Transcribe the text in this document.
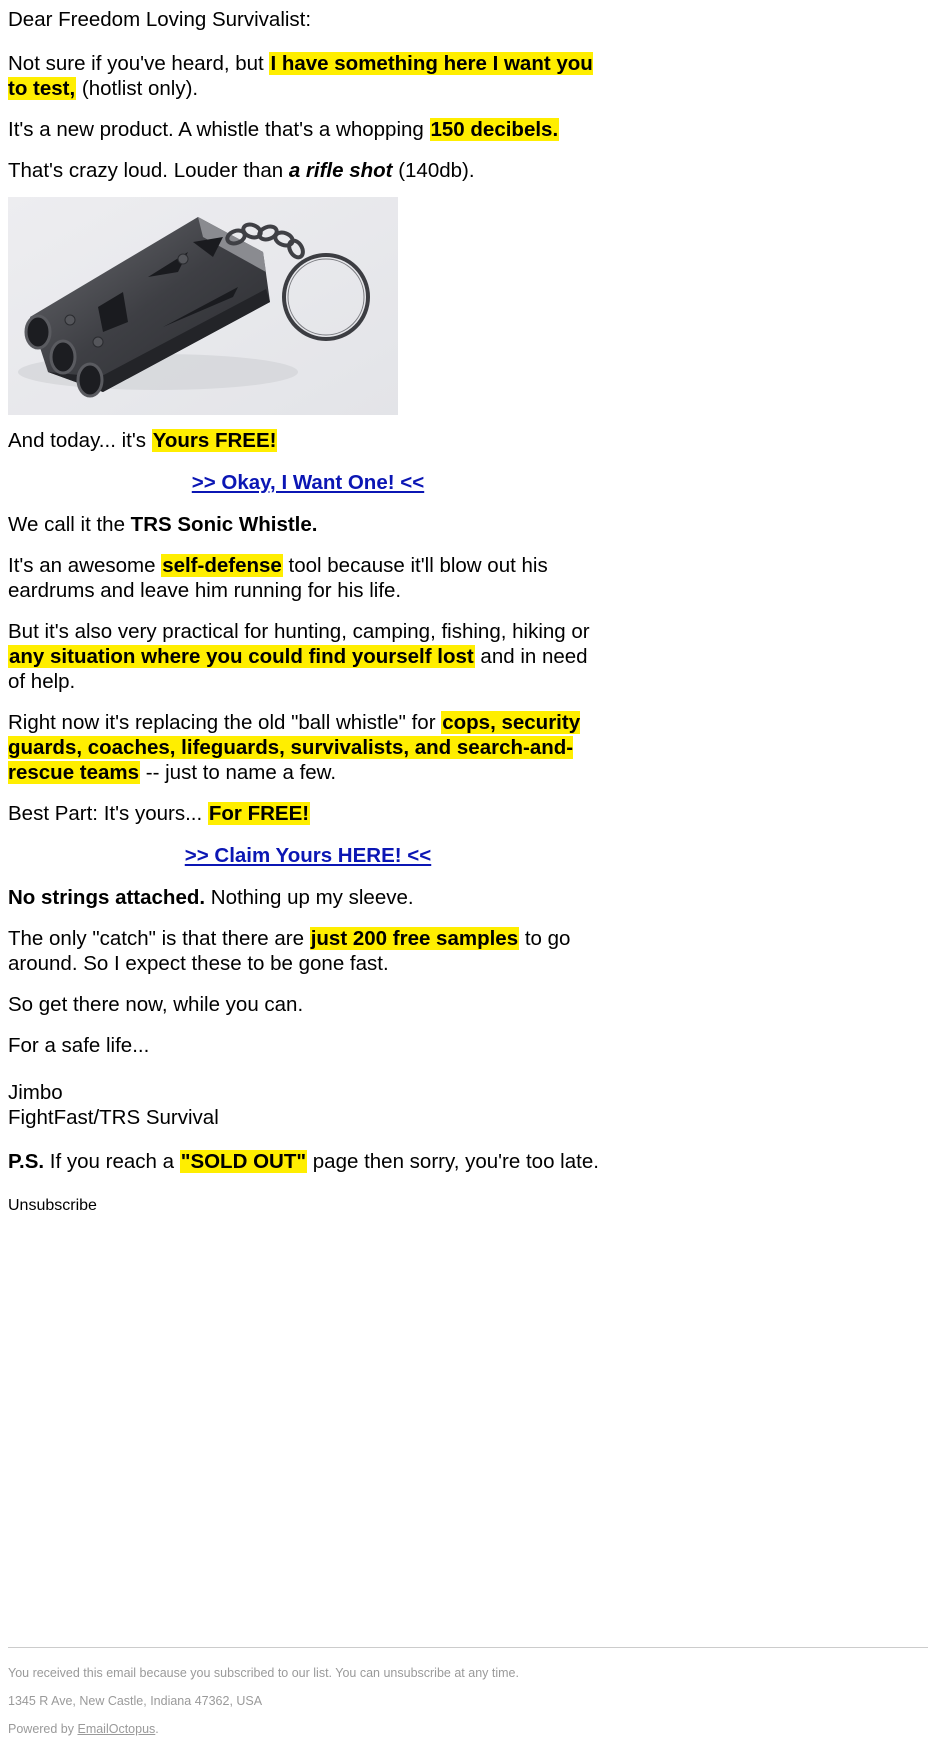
Dear Freedom Loving Survivalist:

Not sure if you've heard, but I have something here I want you to test, (hotlist only).

It's a new product. A whistle that's a whopping 150 decibels.

That's crazy loud. Louder than a rifle shot (140db).

And today... it's Yours FREE!

>> Okay, I Want One! <<

We call it the TRS Sonic Whistle.

It's an awesome self-defense tool because it'll blow out his eardrums and leave him running for his life.

But it's also very practical for hunting, camping, fishing, hiking or any situation where you could find yourself lost and in need of help.

Right now it's replacing the old "ball whistle" for cops, security guards, coaches, lifeguards, survivalists, and search-and-rescue teams -- just to name a few.

Best Part: It's yours... For FREE!

>> Claim Yours HERE! <<

No strings attached. Nothing up my sleeve.

The only "catch" is that there are just 200 free samples to go around. So I expect these to be gone fast.

So get there now, while you can.

For a safe life...

Jimbo

FightFast/TRS Survival

P.S. If you reach a "SOLD OUT" page then sorry, you're too late.

Unsubscribe

You received this email because you subscribed to our list. You can unsubscribe at any time.

1345 R Ave, New Castle, Indiana 47362, USA

Powered by EmailOctopus.
